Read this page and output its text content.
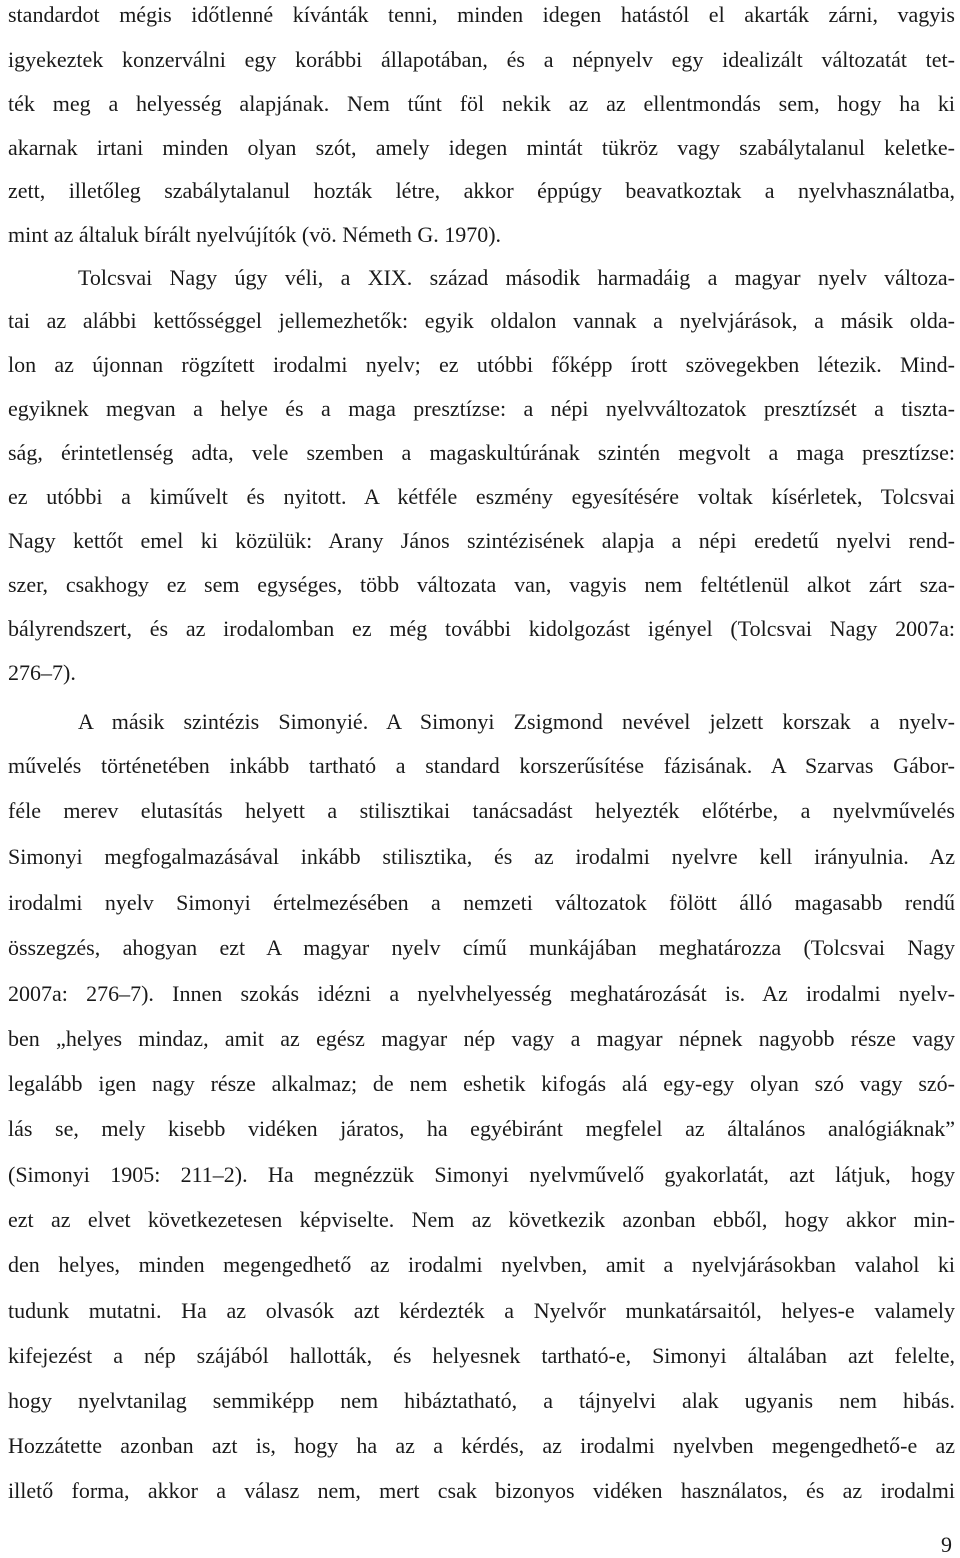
standardot mégis időtlenné kívánták tenni, minden idegen hatástól el akarták zárni, vagyis

igyekeztek konzerválni egy korábbi állapotában, és a népnyelv egy idealizált változatát tet-

ték meg a helyesség alapjának. Nem tűnt föl nekik az az ellentmondás sem, hogy ha ki

akarnak irtani minden olyan szót, amely idegen mintát tükröz vagy szabálytalanul keletke-

zett, illetőleg szabálytalanul hozták létre, akkor éppúgy beavatkoztak a nyelvhasználatba,

mint az általuk bírált nyelvújítók (vö. Németh G. 1970).

Tolcsvai Nagy úgy véli, a XIX. század második harmadáig a magyar nyelv változa-

tai az alábbi kettősséggel jellemezhetők: egyik oldalon vannak a nyelvjárások, a másik olda-

lon az újonnan rögzített irodalmi nyelv; ez utóbbi főképp írott szövegekben létezik. Mind-

egyiknek megvan a helye és a maga presztízse: a népi nyelvváltozatok presztízsét a tiszta-

ság, érintetlenség adta, vele szemben a magaskultúrának szintén megvolt a maga presztízse:

ez utóbbi a kiművelt és nyitott. A kétféle eszmény egyesítésére voltak kísérletek, Tolcsvai

Nagy kettőt emel ki közülük: Arany János szintézisének alapja a népi eredetű nyelvi rend-

szer, csakhogy ez sem egységes, több változata van, vagyis nem feltétlenül alkot zárt sza-

bályrendszert, és az irodalomban ez még további kidolgozást igényel (Tolcsvai Nagy 2007a:

276–7).

A másik szintézis Simonyié. A Simonyi Zsigmond nevével jelzett korszak a nyelv-

művelés történetében inkább tartható a standard korszerűsítése fázisának. A Szarvas Gábor-

féle merev elutasítás helyett a stilisztikai tanácsadást helyezték előtérbe, a nyelvművelés

Simonyi megfogalmazásával inkább stilisztika, és az irodalmi nyelvre kell irányulnia. Az

irodalmi nyelv Simonyi értelmezésében a nemzeti változatok fölött álló magasabb rendű

összegzés, ahogyan ezt A magyar nyelv című munkájában meghatározza (Tolcsvai Nagy

2007a: 276–7). Innen szokás idézni a nyelvhelyesség meghatározását is. Az irodalmi nyelv-

ben „helyes mindaz, amit az egész magyar nép vagy a magyar népnek nagyobb része vagy

legalább igen nagy része alkalmaz; de nem eshetik kifogás alá egy-egy olyan szó vagy szó-

lás se, mely kisebb vidéken járatos, ha egyébiránt megfelel az általános analógiáknak”

(Simonyi 1905: 211–2). Ha megnézzük Simonyi nyelvművelő gyakorlatát, azt látjuk, hogy

ezt az elvet következetesen képviselte. Nem az következik azonban ebből, hogy akkor min-

den helyes, minden megengedhető az irodalmi nyelvben, amit a nyelvjárásokban valahol ki

tudunk mutatni. Ha az olvasók azt kérdezték a Nyelvőr munkatársaitól, helyes-e valamely

kifejezést a nép szájából hallották, és helyesnek tartható-e, Simonyi általában azt felelte,

hogy nyelvtanilag semmiképp nem hibáztatható, a tájnyelvi alak ugyanis nem hibás.

Hozzátette azonban azt is, hogy ha az a kérdés, az irodalmi nyelvben megengedhető-e az

illető forma, akkor a válasz nem, mert csak bizonyos vidéken használatos, és az irodalmi

9
